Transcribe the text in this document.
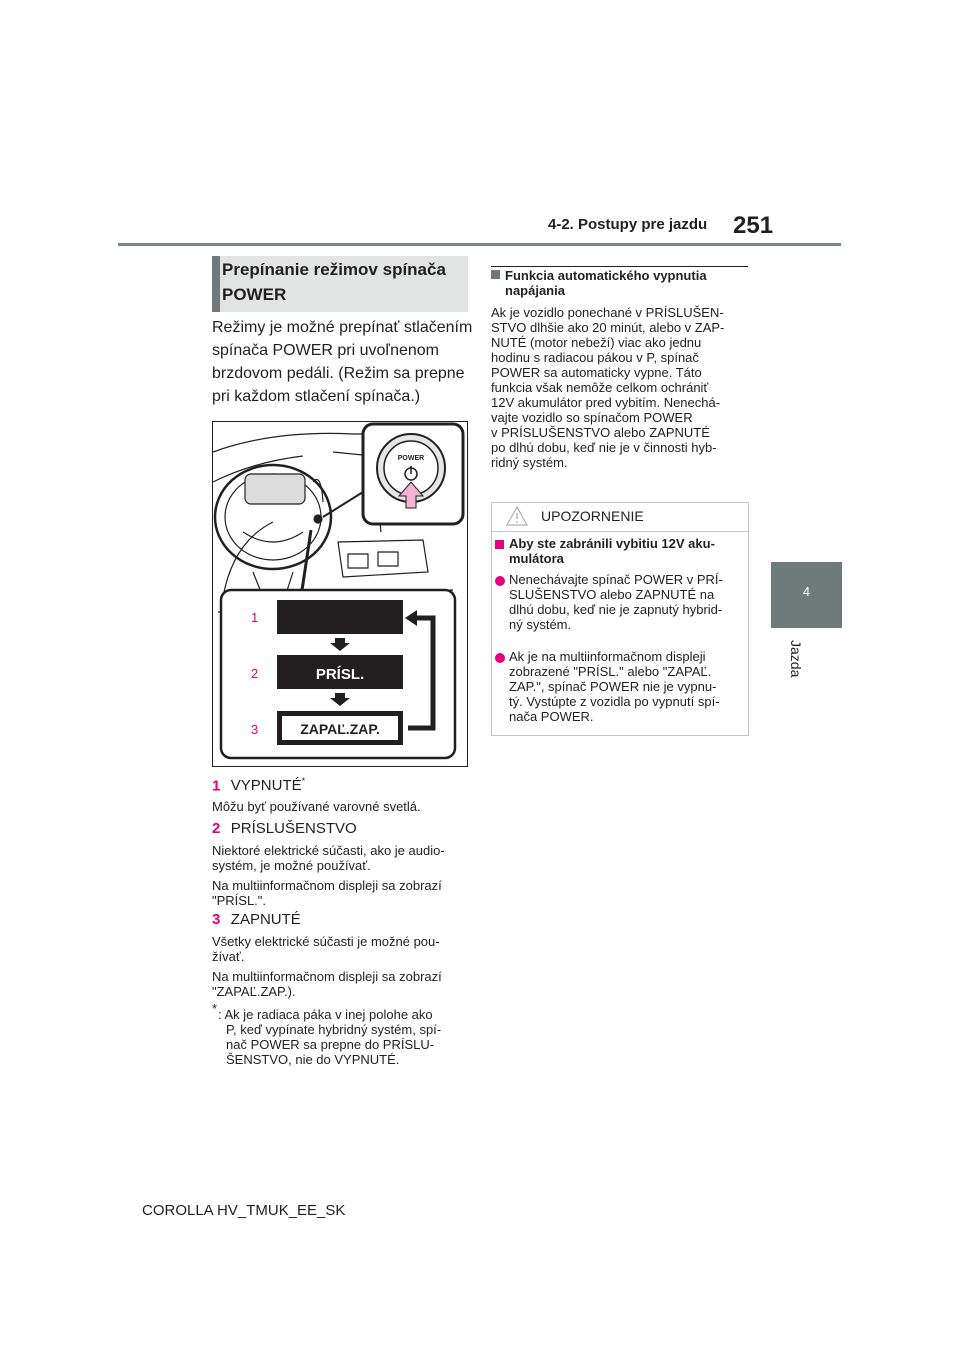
4-2. Postupy pre jazdu 251
4
Jazda
Prepínanie režimov spínača
POWER
Režimy je možné prepínať stlačením
spínača POWER pri uvoľnenom
brzdovom pedáli. (Režim sa prepne
pri každom stlačení spínača.)
POWER
PRÍSL.
ZAPAĽ.ZAP.
1
2
3
1 VYPNUTÉ*
Môžu byť používané varovné svetlá.
2 PRÍSLUŠENSTVO
Niektoré elektrické súčasti, ako je audio-
systém, je možné používať.
Na multiinformačnom displeji sa zobrazí
"PRÍSL.".
3 ZAPNUTÉ
Všetky elektrické súčasti je možné pou-
žívať.
Na multiinformačnom displeji sa zobrazí
"ZAPAĽ.ZAP.).
* : Ak je radiaca páka v inej polohe ako
P, keď vypínate hybridný systém, spí-
nač POWER sa prepne do PRÍSLU-
ŠENSTVO, nie do VYPNUTÉ.
Funkcia automatického vypnutia
napájania
Ak je vozidlo ponechané v PRÍSLUŠEN-
STVO dlhšie ako 20 minút, alebo v ZAP-
NUTÉ (motor nebeží) viac ako jednu
hodinu s radiacou pákou v P, spínač
POWER sa automaticky vypne. Táto
funkcia však nemôže celkom ochrániť
12V akumulátor pred vybitím. Nenechá-
vajte vozidlo so spínačom POWER
v PRÍSLUŠENSTVO alebo ZAPNUTÉ
po dlhú dobu, keď nie je v činnosti hyb-
ridný systém.
UPOZORNENIE
Aby ste zabránili vybitiu 12V aku-
mulátora
Nenechávajte spínač POWER v PRÍ-
SLUŠENSTVO alebo ZAPNUTÉ na
dlhú dobu, keď nie je zapnutý hybrid-
ný systém.
Ak je na multiinformačnom displeji
zobrazené "PRÍSL." alebo "ZAPAĽ.
ZAP.", spínač POWER nie je vypnu-
tý. Vystúpte z vozidla po vypnutí spí-
nača POWER.
COROLLA HV_TMUK_EE_SK
